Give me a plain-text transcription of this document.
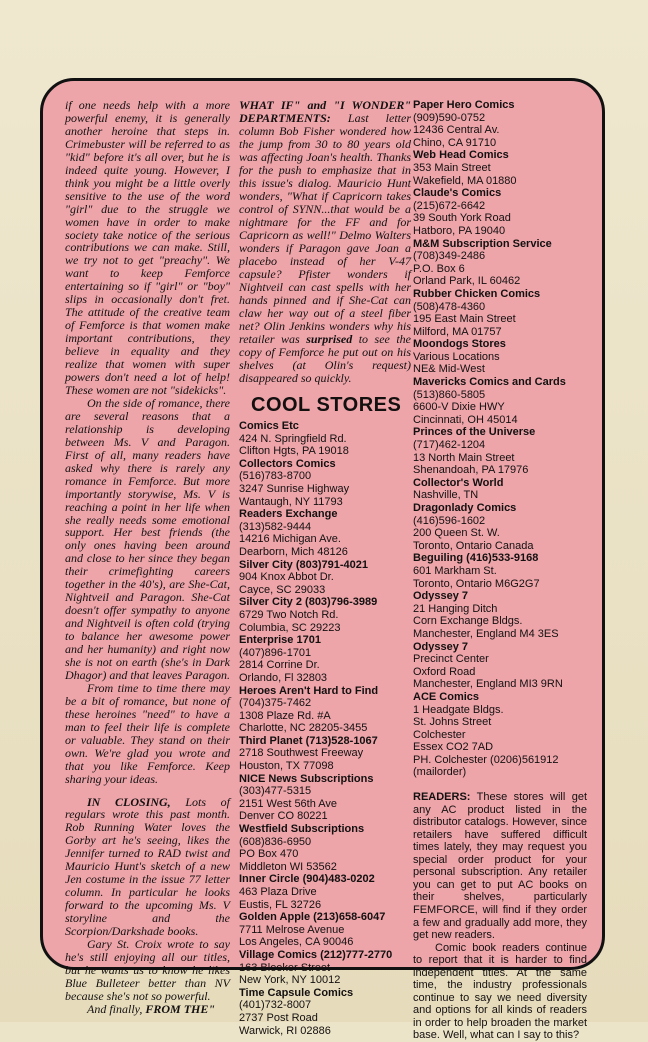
if one needs help with a more powerful enemy, it is generally another heroine that steps in. Crimebuster will be referred to as "kid" before it's all over, but he is indeed quite young. However, I think you might be a little overly sensitive to the use of the word "girl" due to the struggle we women have in order to make society take notice of the serious contributions we can make. Still, we try not to get "preachy". We want to keep Femforce entertaining so if "girl" or "boy" slips in occasionally don't fret. The attitude of the creative team of Femforce is that women make important contributions, they believe in equality and they realize that women with super powers don't need a lot of help! These women are not "sidekicks".

On the side of romance, there are several reasons that a relationship is developing between Ms. V and Paragon. First of all, many readers have asked why there is rarely any romance in Femforce. But more importantly storywise, Ms. V is reaching a point in her life when she really needs some emotional support. Her best friends (the only ones having been around and close to her since they began their crimefighting careers together in the 40's), are She-Cat, Nightveil and Paragon. She-Cat doesn't offer sympathy to anyone and Nightveil is often cold (trying to balance her awesome power and her humanity) and right now she is not on earth (she's in Dark Dhagor) and that leaves Paragon.

From time to time there may be a bit of romance, but none of these heroines "need" to have a man to feel their life is complete or valuable. They stand on their own. We're glad you wrote and that you like Femforce. Keep sharing your ideas.

IN CLOSING, Lots of regulars wrote this past month. Rob Running Water loves the Gorby art he's seeing, likes the Jennifer turned to RAD twist and Mauricio Hunt's sketch of a new Jen costume in the issue 77 letter column. In particular he looks forward to the upcoming Ms. V storyline and the Scorpion/Darkshade books.

Gary St. Croix wrote to say he's still enjoying all our titles, but he wants us to know he likes Blue Bulleteer better than NV because she's not so powerful.

And finally, FROM THE"

WHAT IF" and "I WONDER" DEPARTMENTS: Last letter column Bob Fisher wondered how the jump from 30 to 80 years old was affecting Joan's health. Thanks for the push to emphasize that in this issue's dialog. Mauricio Hunt wonders, "What if Capricorn takes control of SYNN...that would be a nightmare for the FF and for Capricorn as well!" Delmo Walters wonders if Paragon gave Joan a placebo instead of her V-47 capsule? Pfister wonders if Nightveil can cast spells with her hands pinned and if She-Cat can claw her way out of a steel fiber net? Olin Jenkins wonders why his retailer was surprised to see the copy of Femforce he put out on his shelves (at Olin's request) disappeared so quickly.

COOL STORES
Comics Etc
424 N. Springfield Rd.
Clifton Hgts, PA 19018
Collectors Comics
(516)783-8700
3247 Sunrise Highway
Wantaugh, NY 11793
Readers Exchange
(313)582-9444
14216 Michigan Ave.
Dearborn, Mich 48126
Silver City (803)791-4021
904 Knox Abbot Dr.
Cayce, SC 29033
Silver City 2 (803)796-3989
6729 Two Notch Rd.
Columbia, SC 29223
Enterprise 1701
(407)896-1701
2814 Corrine Dr.
Orlando, Fl 32803
Heroes Aren't Hard to Find
(704)375-7462
1308 Plaze Rd. #A
Charlotte, NC 28205-3455
Third Planet (713)528-1067
2718 Southwest Freeway
Houston, TX 77098
NICE News Subscriptions
(303)477-5315
2151 West 56th Ave
Denver CO 80221
Westfield Subscriptions
(608)836-6950
PO Box 470
Middleton WI 53562
Inner Circle (904)483-0202
463 Plaza Drive
Eustis, FL 32726
Golden Apple (213)658-6047
7711 Melrose Avenue
Los Angeles, CA 90046
Village Comics (212)777-2770
163 Bleeker Street
New York, NY 10012
Time Capsule Comics
(401)732-8007
2737 Post Road
Warwick, RI 02886
Paper Hero Comics
(909)590-0752
12436 Central Av.
Chino, CA 91710
Web Head Comics
353 Main Street
Wakefield, MA 01880
Claude's Comics
(215)672-6642
39 South York Road
Hatboro, PA 19040
M&M Subscription Service
(708)349-2486
P.O. Box 6
Orland Park, IL 60462
Rubber Chicken Comics
(508)478-4360
195 East Main Street
Milford, MA 01757
Moondogs Stores
Various Locations
NE& Mid-West
Mavericks Comics and Cards
(513)860-5805
6600-V Dixie HWY
Cincinnati, OH 45014
Princes of the Universe
(717)462-1204
13 North Main Street
Shenandoah, PA 17976
Collector's World
Nashville, TN
Dragonlady Comics
(416)596-1602
200 Queen St. W.
Toronto, Ontario Canada
Beguiling (416)533-9168
601 Markham St.
Toronto, Ontario M6G2G7
Odyssey 7
21 Hanging Ditch
Corn Exchange Bldgs.
Manchester, England M4 3ES
Odyssey 7
Precinct Center
Oxford Road
Manchester, England MI3 9RN
ACE Comics
1 Headgate Bldgs.
St. Johns Street
Colchester
Essex CO2 7AD
PH. Colchester (0206)561912
(mailorder)

READERS: These stores will get any AC product listed in the distributor catalogs. However, since retailers have suffered difficult times lately, they may request you special order product for your personal subscription. Any retailer you can get to put AC books on their shelves, particularly FEMFORCE, will find if they order a few and gradually add more, they get new readers.

Comic book readers continue to report that it is harder to find independent titles. At the same time, the industry professionals continue to say we need diversity and options for all kinds of readers in order to help broaden the market base. Well, what can I say to this?
